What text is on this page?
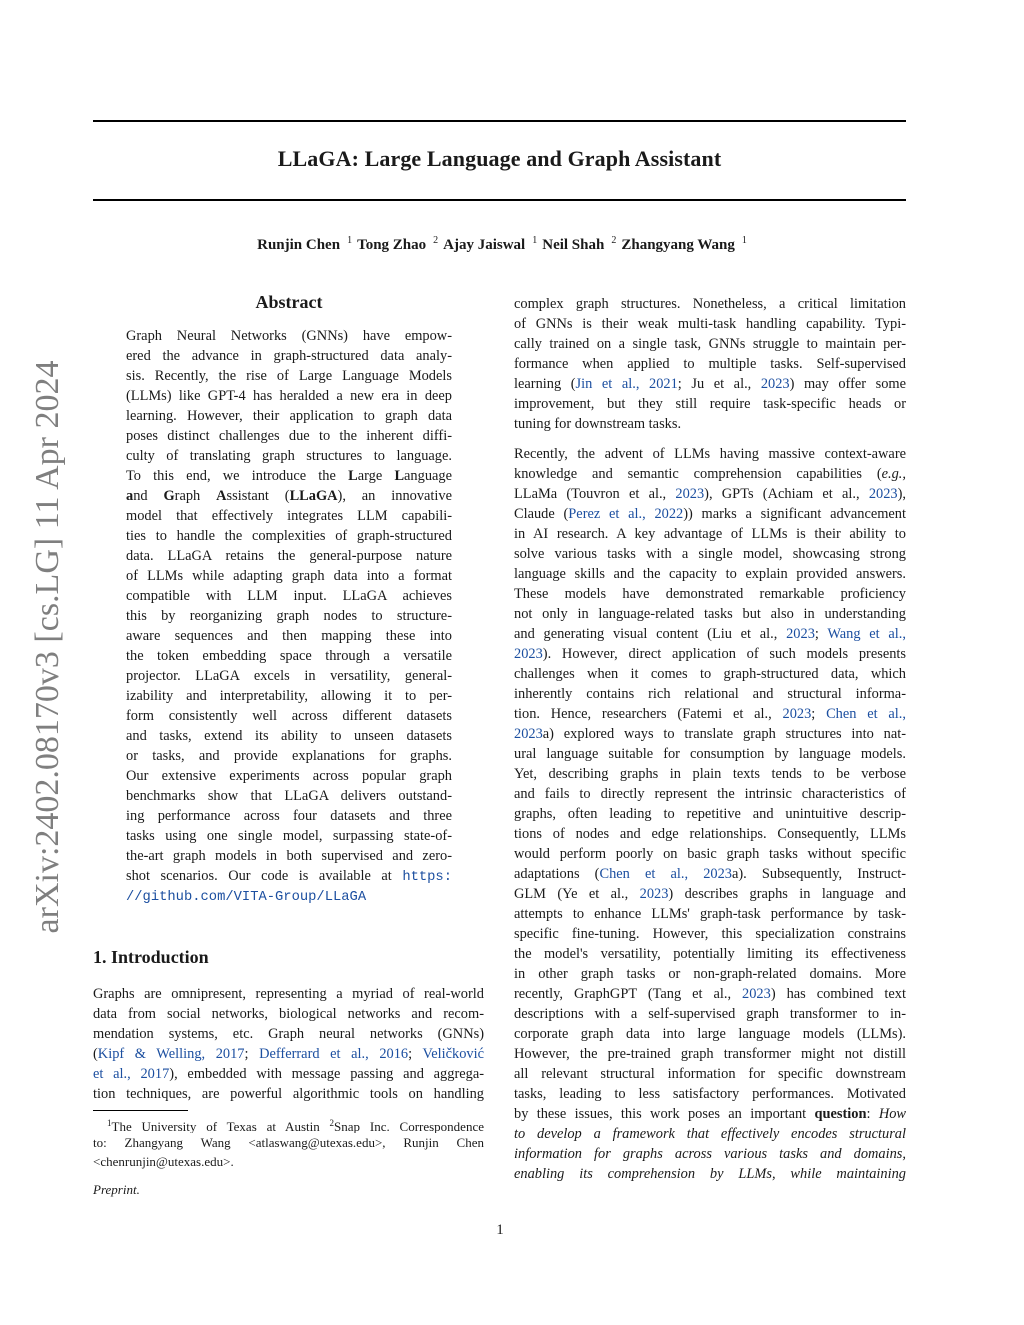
LLaGA: Large Language and Graph Assistant
Runjin Chen $^1$ Tong Zhao $^2$ Ajay Jaiswal $^1$ Neil Shah $^2$ Zhangyang Wang $^1$
arXiv:2402.08170v3 [cs.LG] 11 Apr 2024
Abstract
Graph Neural Networks (GNNs) have empow-
ered the advance in graph-structured data analy-
sis. Recently, the rise of Large Language Models
(LLMs) like GPT-4 has heralded a new era in deep
learning. However, their application to graph data
poses distinct challenges due to the inherent diffi-
culty of translating graph structures to language.
To this end, we introduce the Large Language
and Graph Assistant (LLaGA), an innovative
model that effectively integrates LLM capabili-
ties to handle the complexities of graph-structured
data. LLaGA retains the general-purpose nature
of LLMs while adapting graph data into a format
compatible with LLM input. LLaGA achieves
this by reorganizing graph nodes to structure-
aware sequences and then mapping these into
the token embedding space through a versatile
projector. LLaGA excels in versatility, general-
izability and interpretability, allowing it to per-
form consistently well across different datasets
and tasks, extend its ability to unseen datasets
or tasks, and provide explanations for graphs.
Our extensive experiments across popular graph
benchmarks show that LLaGA delivers outstand-
ing performance across four datasets and three
tasks using one single model, surpassing state-of-
the-art graph models in both supervised and zero-
shot scenarios. Our code is available at https:
//github.com/VITA-Group/LLaGA
1. Introduction
Graphs are omnipresent, representing a myriad of real-world
data from social networks, biological networks and recom-
mendation systems, etc. Graph neural networks (GNNs)
(Kipf & Welling, 2017; Defferrard et al., 2016; Veličković
et al., 2017), embedded with message passing and aggrega-
tion techniques, are powerful algorithmic tools on handling
$^1$The University of Texas at Austin $^2$Snap Inc. Correspondence
to: Zhangyang Wang <atlaswang@utexas.edu>, Runjin Chen
<chenrunjin@utexas.edu>.
Preprint.
complex graph structures. Nonetheless, a critical limitation
of GNNs is their weak multi-task handling capability. Typi-
cally trained on a single task, GNNs struggle to maintain per-
formance when applied to multiple tasks. Self-supervised
learning (Jin et al., 2021; Ju et al., 2023) may offer some
improvement, but they still require task-specific heads or
tuning for downstream tasks.
Recently, the advent of LLMs having massive context-aware
knowledge and semantic comprehension capabilities (e.g.,
LLaMa (Touvron et al., 2023), GPTs (Achiam et al., 2023),
Claude (Perez et al., 2022)) marks a significant advancement
in AI research. A key advantage of LLMs is their ability to
solve various tasks with a single model, showcasing strong
language skills and the capacity to explain provided answers.
These models have demonstrated remarkable proficiency
not only in language-related tasks but also in understanding
and generating visual content (Liu et al., 2023; Wang et al.,
2023). However, direct application of such models presents
challenges when it comes to graph-structured data, which
inherently contains rich relational and structural informa-
tion. Hence, researchers (Fatemi et al., 2023; Chen et al.,
2023a) explored ways to translate graph structures into nat-
ural language suitable for consumption by language models.
Yet, describing graphs in plain texts tends to be verbose
and fails to directly represent the intrinsic characteristics of
graphs, often leading to repetitive and unintuitive descrip-
tions of nodes and edge relationships. Consequently, LLMs
would perform poorly on basic graph tasks without specific
adaptations (Chen et al., 2023a). Subsequently, Instruct-
GLM (Ye et al., 2023) describes graphs in language and
attempts to enhance LLMs' graph-task performance by task-
specific fine-tuning. However, this specialization constrains
the model's versatility, potentially limiting its effectiveness
in other graph tasks or non-graph-related domains. More
recently, GraphGPT (Tang et al., 2023) has combined text
descriptions with a self-supervised graph transformer to in-
corporate graph data into large language models (LLMs).
However, the pre-trained graph transformer might not distill
all relevant structural information for specific downstream
tasks, leading to less satisfactory performances. Motivated
by these issues, this work poses an important question: How
to develop a framework that effectively encodes structural
information for graphs across various tasks and domains,
enabling its comprehension by LLMs, while maintaining
1
